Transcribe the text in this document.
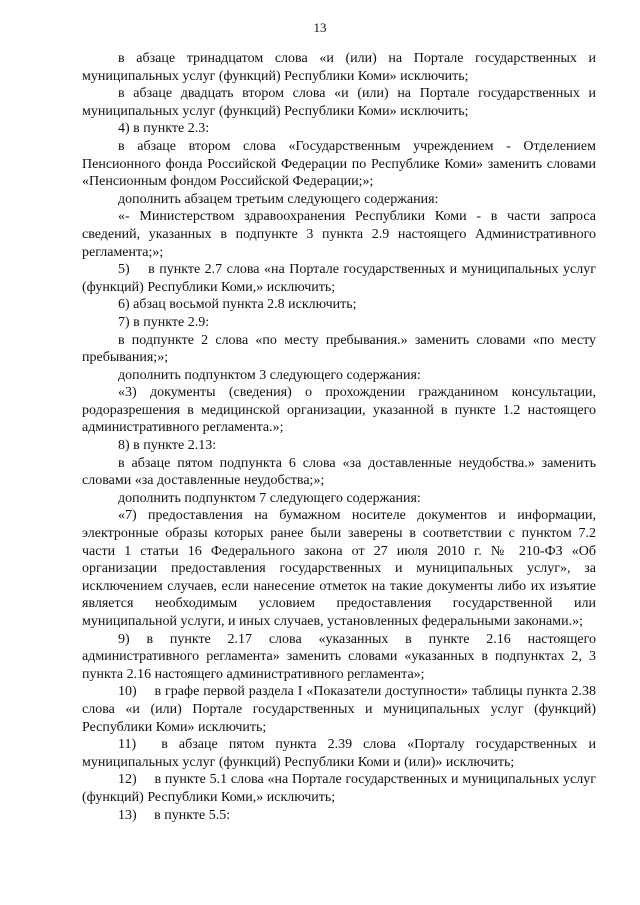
13

в абзаце тринадцатом слова «и (или) на Портале государственных и муниципальных услуг (функций) Республики Коми» исключить;

в абзаце двадцать втором слова «и (или) на Портале государственных и муниципальных услуг (функций) Республики Коми» исключить;

4) в пункте 2.3:

в абзаце втором слова «Государственным учреждением - Отделением Пенсионного фонда Российской Федерации по Республике Коми» заменить словами «Пенсионным фондом Российской Федерации;»;

дополнить абзацем третьим следующего содержания:

«- Министерством здравоохранения Республики Коми - в части запроса сведений, указанных в подпункте 3 пункта 2.9 настоящего Административного регламента;»;

5)  в пункте 2.7 слова «на Портале государственных и муниципальных услуг (функций) Республики Коми,» исключить;

6) абзац восьмой пункта 2.8 исключить;

7) в пункте 2.9:

в подпункте 2 слова «по месту пребывания.» заменить словами «по месту пребывания;»;

дополнить подпунктом 3 следующего содержания:

«3) документы (сведения) о прохождении гражданином консультации, родоразрешения в медицинской организации, указанной в пункте 1.2 настоящего административного регламента.»;

8) в пункте 2.13:

в абзаце пятом подпункта 6 слова «за доставленные неудобства.» заменить словами «за доставленные неудобства;»;

дополнить подпунктом 7 следующего содержания:

«7) предоставления на бумажном носителе документов и информации, электронные образы которых ранее были заверены в соответствии с пунктом 7.2 части 1 статьи 16 Федерального закона от 27 июля 2010 г. № 210-ФЗ «Об организации предоставления государственных и муниципальных услуг», за исключением случаев, если нанесение отметок на такие документы либо их изъятие является необходимым условием предоставления государственной или муниципальной услуги, и иных случаев, установленных федеральными законами.»;

9) в пункте 2.17 слова «указанных в пункте 2.16 настоящего административного регламента» заменить словами «указанных в подпунктах 2, 3 пункта 2.16 настоящего административного регламента»;

10)  в графе первой раздела I «Показатели доступности» таблицы пункта 2.38 слова «и (или) Портале государственных и муниципальных услуг (функций) Республики Коми» исключить;

11)  в абзаце пятом пункта 2.39 слова «Порталу государственных и муниципальных услуг (функций) Республики Коми и (или)» исключить;

12)  в пункте 5.1 слова «на Портале государственных и муниципальных услуг (функций) Республики Коми,» исключить;

13)  в пункте 5.5:
